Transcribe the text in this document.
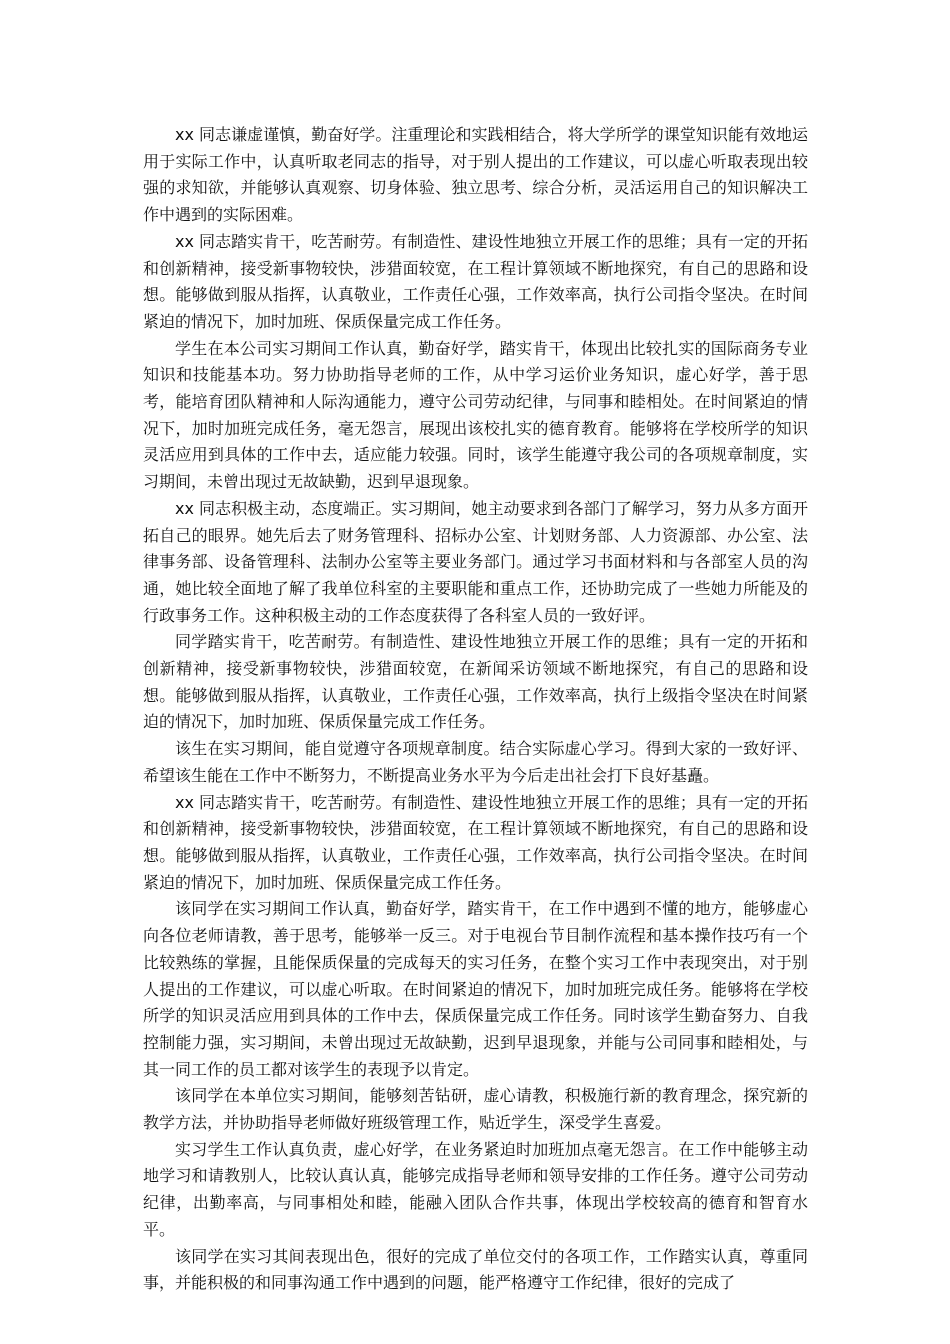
xx 同志谦虚谨慎，勤奋好学。注重理论和实践相结合，将大学所学的课堂知识能有效地运用于实际工作中，认真听取老同志的指导，对于别人提出的工作建议，可以虚心听取表现出较强的求知欲，并能够认真观察、切身体验、独立思考、综合分析，灵活运用自己的知识解决工作中遇到的实际困难。

xx 同志踏实肯干，吃苦耐劳。有制造性、建设性地独立开展工作的思维；具有一定的开拓和创新精神，接受新事物较快，涉猎面较宽，在工程计算领域不断地探究，有自己的思路和设想。能够做到服从指挥，认真敬业，工作责任心强，工作效率高，执行公司指令坚决。在时间紧迫的情况下，加时加班、保质保量完成工作任务。

学生在本公司实习期间工作认真，勤奋好学，踏实肯干，体现出比较扎实的国际商务专业知识和技能基本功。努力协助指导老师的工作，从中学习运价业务知识，虚心好学，善于思考，能培育团队精神和人际沟通能力，遵守公司劳动纪律，与同事和睦相处。在时间紧迫的情况下，加时加班完成任务，毫无怨言，展现出该校扎实的德育教育。能够将在学校所学的知识灵活应用到具体的工作中去，适应能力较强。同时，该学生能遵守我公司的各项规章制度，实习期间，未曾出现过无故缺勤，迟到早退现象。

xx 同志积极主动，态度端正。实习期间，她主动要求到各部门了解学习，努力从多方面开拓自己的眼界。她先后去了财务管理科、招标办公室、计划财务部、人力资源部、办公室、法律事务部、设备管理科、法制办公室等主要业务部门。通过学习书面材料和与各部室人员的沟通，她比较全面地了解了我单位科室的主要职能和重点工作，还协助完成了一些她力所能及的行政事务工作。这种积极主动的工作态度获得了各科室人员的一致好评。

同学踏实肯干，吃苦耐劳。有制造性、建设性地独立开展工作的思维；具有一定的开拓和创新精神，接受新事物较快，涉猎面较宽，在新闻采访领域不断地探究，有自己的思路和设想。能够做到服从指挥，认真敬业，工作责任心强，工作效率高，执行上级指令坚决在时间紧迫的情况下，加时加班、保质保量完成工作任务。

该生在实习期间，能自觉遵守各项规章制度。结合实际虚心学习。得到大家的一致好评、希望该生能在工作中不断努力，不断提高业务水平为今后走出社会打下良好基矗。

xx 同志踏实肯干，吃苦耐劳。有制造性、建设性地独立开展工作的思维；具有一定的开拓和创新精神，接受新事物较快，涉猎面较宽，在工程计算领域不断地探究，有自己的思路和设想。能够做到服从指挥，认真敬业，工作责任心强，工作效率高，执行公司指令坚决。在时间紧迫的情况下，加时加班、保质保量完成工作任务。

该同学在实习期间工作认真，勤奋好学，踏实肯干，在工作中遇到不懂的地方，能够虚心向各位老师请教，善于思考，能够举一反三。对于电视台节目制作流程和基本操作技巧有一个比较熟练的掌握，且能保质保量的完成每天的实习任务，在整个实习工作中表现突出，对于别人提出的工作建议，可以虚心听取。在时间紧迫的情况下，加时加班完成任务。能够将在学校所学的知识灵活应用到具体的工作中去，保质保量完成工作任务。同时该学生勤奋努力、自我控制能力强，实习期间，未曾出现过无故缺勤，迟到早退现象，并能与公司同事和睦相处，与其一同工作的员工都对该学生的表现予以肯定。

该同学在本单位实习期间，能够刻苦钻研，虚心请教，积极施行新的教育理念，探究新的教学方法，并协助指导老师做好班级管理工作，贴近学生，深受学生喜爱。

实习学生工作认真负责，虚心好学，在业务紧迫时加班加点毫无怨言。在工作中能够主动地学习和请教别人，比较认真认真，能够完成指导老师和领导安排的工作任务。遵守公司劳动纪律，出勤率高，与同事相处和睦，能融入团队合作共事，体现出学校较高的德育和智育水平。

该同学在实习其间表现出色，很好的完成了单位交付的各项工作，工作踏实认真，尊重同事，并能积极的和同事沟通工作中遇到的问题，能严格遵守工作纪律，很好的完成了
